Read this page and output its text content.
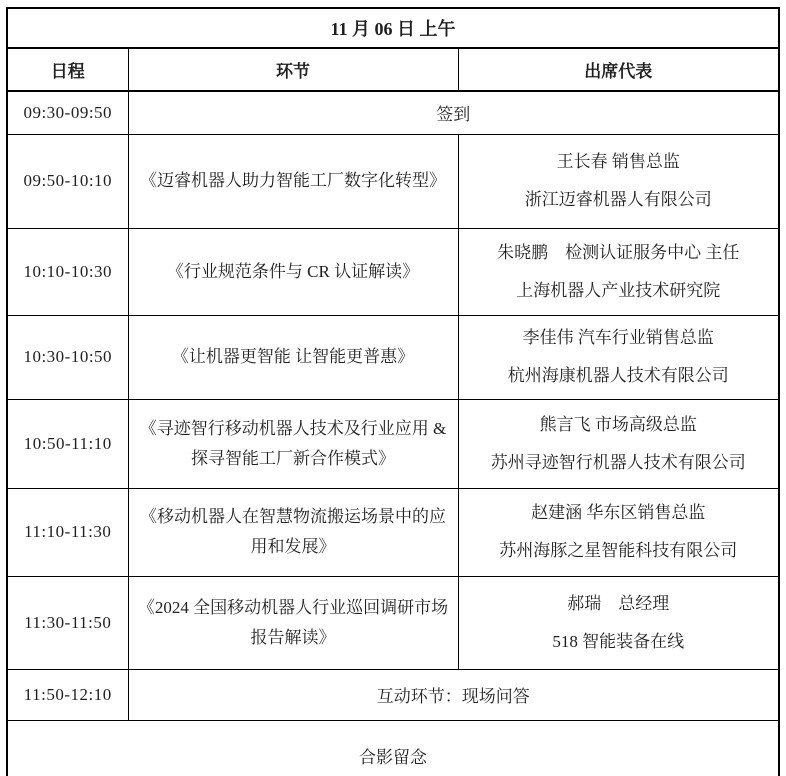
11 月 06 日 上午		
日程	环节	出席代表
09:30-09:50	签到	
09:50-10:10	《迈睿机器人助力智能工厂数字化转型》	王长春 销售总监
浙江迈睿机器人有限公司

10:10-10:30	《行业规范条件与 CR 认证解读》	朱晓鹏　检测认证服务中心 主任
上海机器人产业技术研究院

10:30-10:50	《让机器更智能 让智能更普惠》	李佳伟 汽车行业销售总监
杭州海康机器人技术有限公司

10:50-11:10	《寻迹智行移动机器人技术及行业应用 & 探寻智能工厂新合作模式》	熊言飞 市场高级总监
苏州寻迹智行机器人技术有限公司

11:10-11:30	《移动机器人在智慧物流搬运场景中的应用和发展》	赵建涵 华东区销售总监
苏州海豚之星智能科技有限公司

11:30-11:50	《2024 全国移动机器人行业巡回调研市场报告解读》	郝瑞　总经理
518 智能装备在线

11:50-12:10	互动环节：现场问答	
合影留念		
